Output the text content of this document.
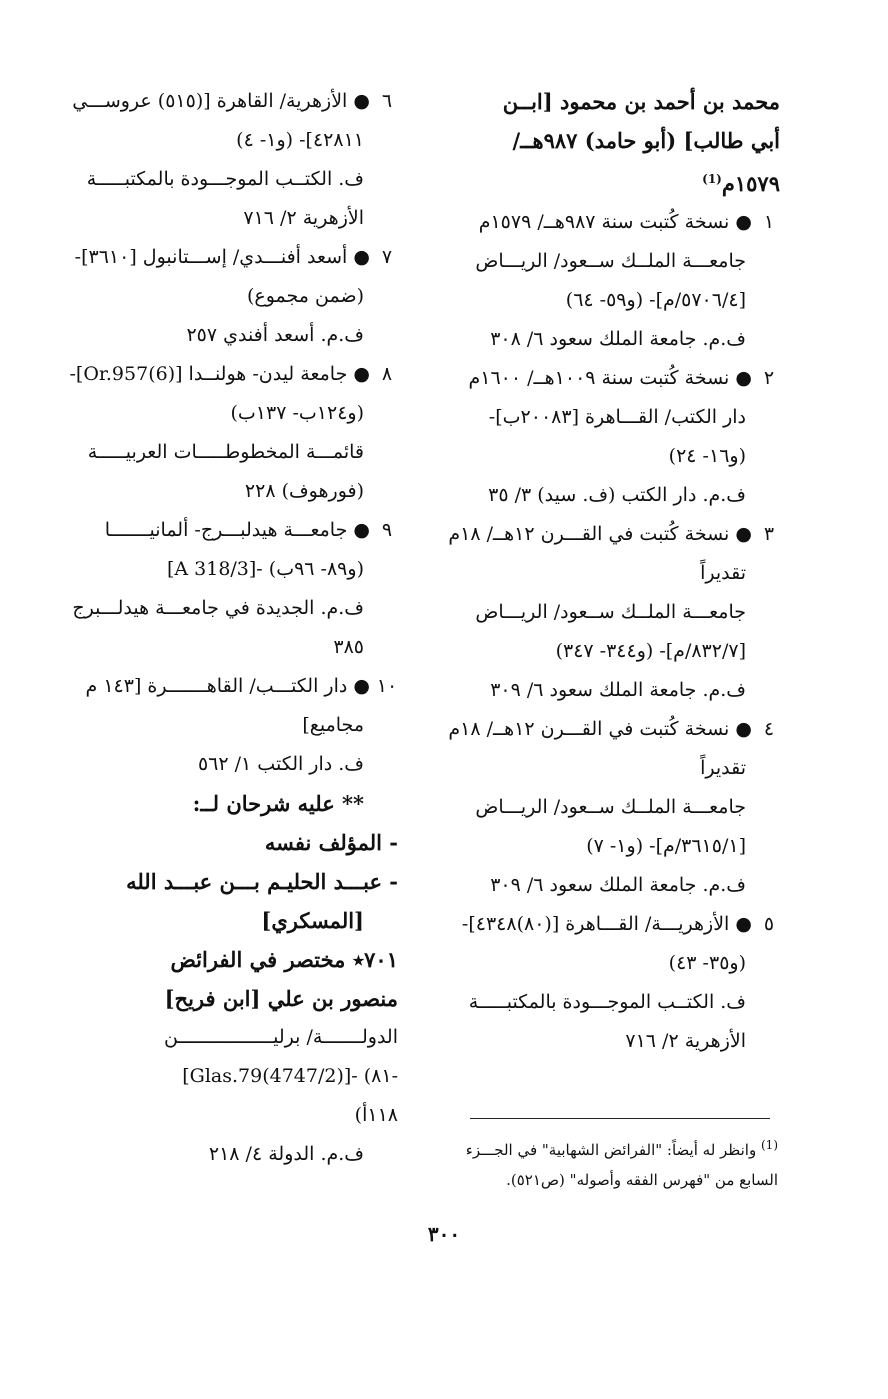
محمد بن أحمد بن محمود [ابــن
أبي طالب] (أبو حامد) ٩٨٧هــ/
١٥٧٩م$^{(1)}$
١ ● نسخة كُتبت سنة ٩٨٧هــ/ ١٥٧٩م
جامعـــة الملــك ســعود/ الريـــاض
[٥٧٠٦/٤/م]- (و٥٩- ٦٤)
ف.م. جامعة الملك سعود ٦/ ٣٠٨
٢ ● نسخة كُتبت سنة ١٠٠٩هــ/ ١٦٠٠م
دار الكتب/ القـــاهرة [٢٠٠٨٣ب]-
(و١٦- ٢٤)
ف.م. دار الكتب (ف. سيد) ٣/ ٣٥
٣ ● نسخة كُتبت في القـــرن ١٢هــ/ ١٨م
تقديراً
جامعـــة الملــك ســعود/ الريـــاض
[٨٣٢/٧/م]- (و٣٤٤- ٣٤٧)
ف.م. جامعة الملك سعود ٦/ ٣٠٩
٤ ● نسخة كُتبت في القـــرن ١٢هــ/ ١٨م
تقديراً
جامعـــة الملــك ســعود/ الريـــاض
[٣٦١٥/١/م]- (و١- ٧)
ف.م. جامعة الملك سعود ٦/ ٣٠٩
٥ ● الأزهريـــة/ القـــاهرة [(٨٠)٤٣٤٨]-
(و٣٥- ٤٣)
ف. الكتــب الموجـــودة بالمكتبـــــة
الأزهرية ٢/ ٧١٦
٦ ● الأزهرية/ القاهرة [(٥١٥) عروســـي
٤٢٨١١]- (و١- ٤)
ف. الكتــب الموجـــودة بالمكتبـــــة
الأزهرية ٢/ ٧١٦
٧ ● أسعد أفنـــدي/ إســـتانبول [٣٦١٠]-
(ضمن مجموع)
ف.م. أسعد أفندي ٢٥٧
٨ ● جامعة ليدن- هولنــدا [Or.957(6)]-
(و١٢٤ب- ١٣٧ب)
قائمـــة المخطوطـــــات العربيـــــة
(فورهوف) ٢٢٨
٩ ● جامعـــة هيدلبـــرج- ألمانيـــــــا
[A 318/3]- (و٨٩- ٩٦ب)
ف.م. الجديدة في جامعـــة هيدلـــبرج
٣٨٥
١٠ ● دار الكتـــب/ القاهـــــــرة [١٤٣ م
مجاميع]
ف. دار الكتب ١/ ٥٦٢
** عليه شرحان لــ:
- المؤلف نفسه
- عبـــد الحليـم بـــن عبـــد الله
[المسكري]
٧٠١٭ مختصر في الفرائض
منصور بن علي [ابن فريح]
الدولـــــــة/ برليـــــــــــــــــن
[Glas.79(4747/2)]- (٨١-
١١٨أ)
ف.م. الدولة ٤/ ٢١٨	$^{(1)}$ وانظر له أيضاً: "الفرائض الشهابية" في الجـــزء
السابع من "فهرس الفقه وأصوله" (ص٥٢١).
٣٠٠
